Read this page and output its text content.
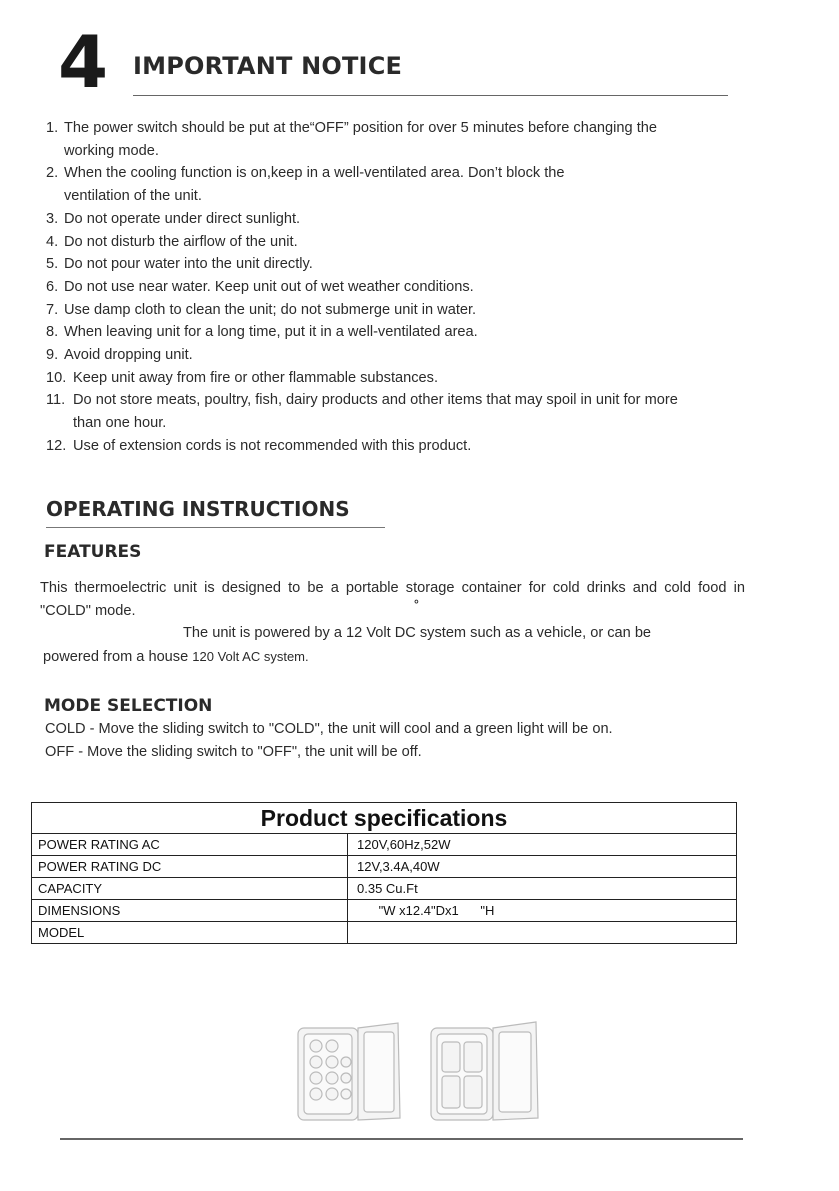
4 IMPORTANT NOTICE
1. The power switch should be put at the“OFF” position for over 5 minutes before changing the
working mode.
2. When the cooling function is on,keep in a well-ventilated area. Don’t block the
ventilation of the unit.
3. Do not operate under direct sunlight.
4. Do not disturb the airflow of the unit.
5. Do not pour water into the unit directly.
6. Do not use near water. Keep unit out of wet weather conditions.
7. Use damp cloth to clean the unit; do not submerge unit in water.
8. When leaving unit for a long time, put it in a well-ventilated area.
9. Avoid dropping unit.
10. Keep unit away from fire or other flammable substances.
11. Do not store meats, poultry, fish, dairy products and other items that may spoil in unit for more
than one hour.
12. Use of extension cords is not recommended with this product.
OPERATING INSTRUCTIONS
FEATURES

This thermoelectric unit is designed to be a portable storage container for cold drinks and cold food in "COLD" mode.	°
The unit is powered by a 12 Volt DC system such as a vehicle, or can be
powered from a house 120 Volt AC system.
MODE SELECTION
COLD - Move the sliding switch to "COLD", the unit will cool and a green light will be on.
OFF - Move the sliding switch to "OFF", the unit will be off.
Product specifications
POWER RATING AC	120V,60Hz,52W
POWER RATING DC	12V,3.4A,40W
CAPACITY	0.35 Cu.Ft
DIMENSIONS	"W x12.4"Dx1      "H
MODEL
